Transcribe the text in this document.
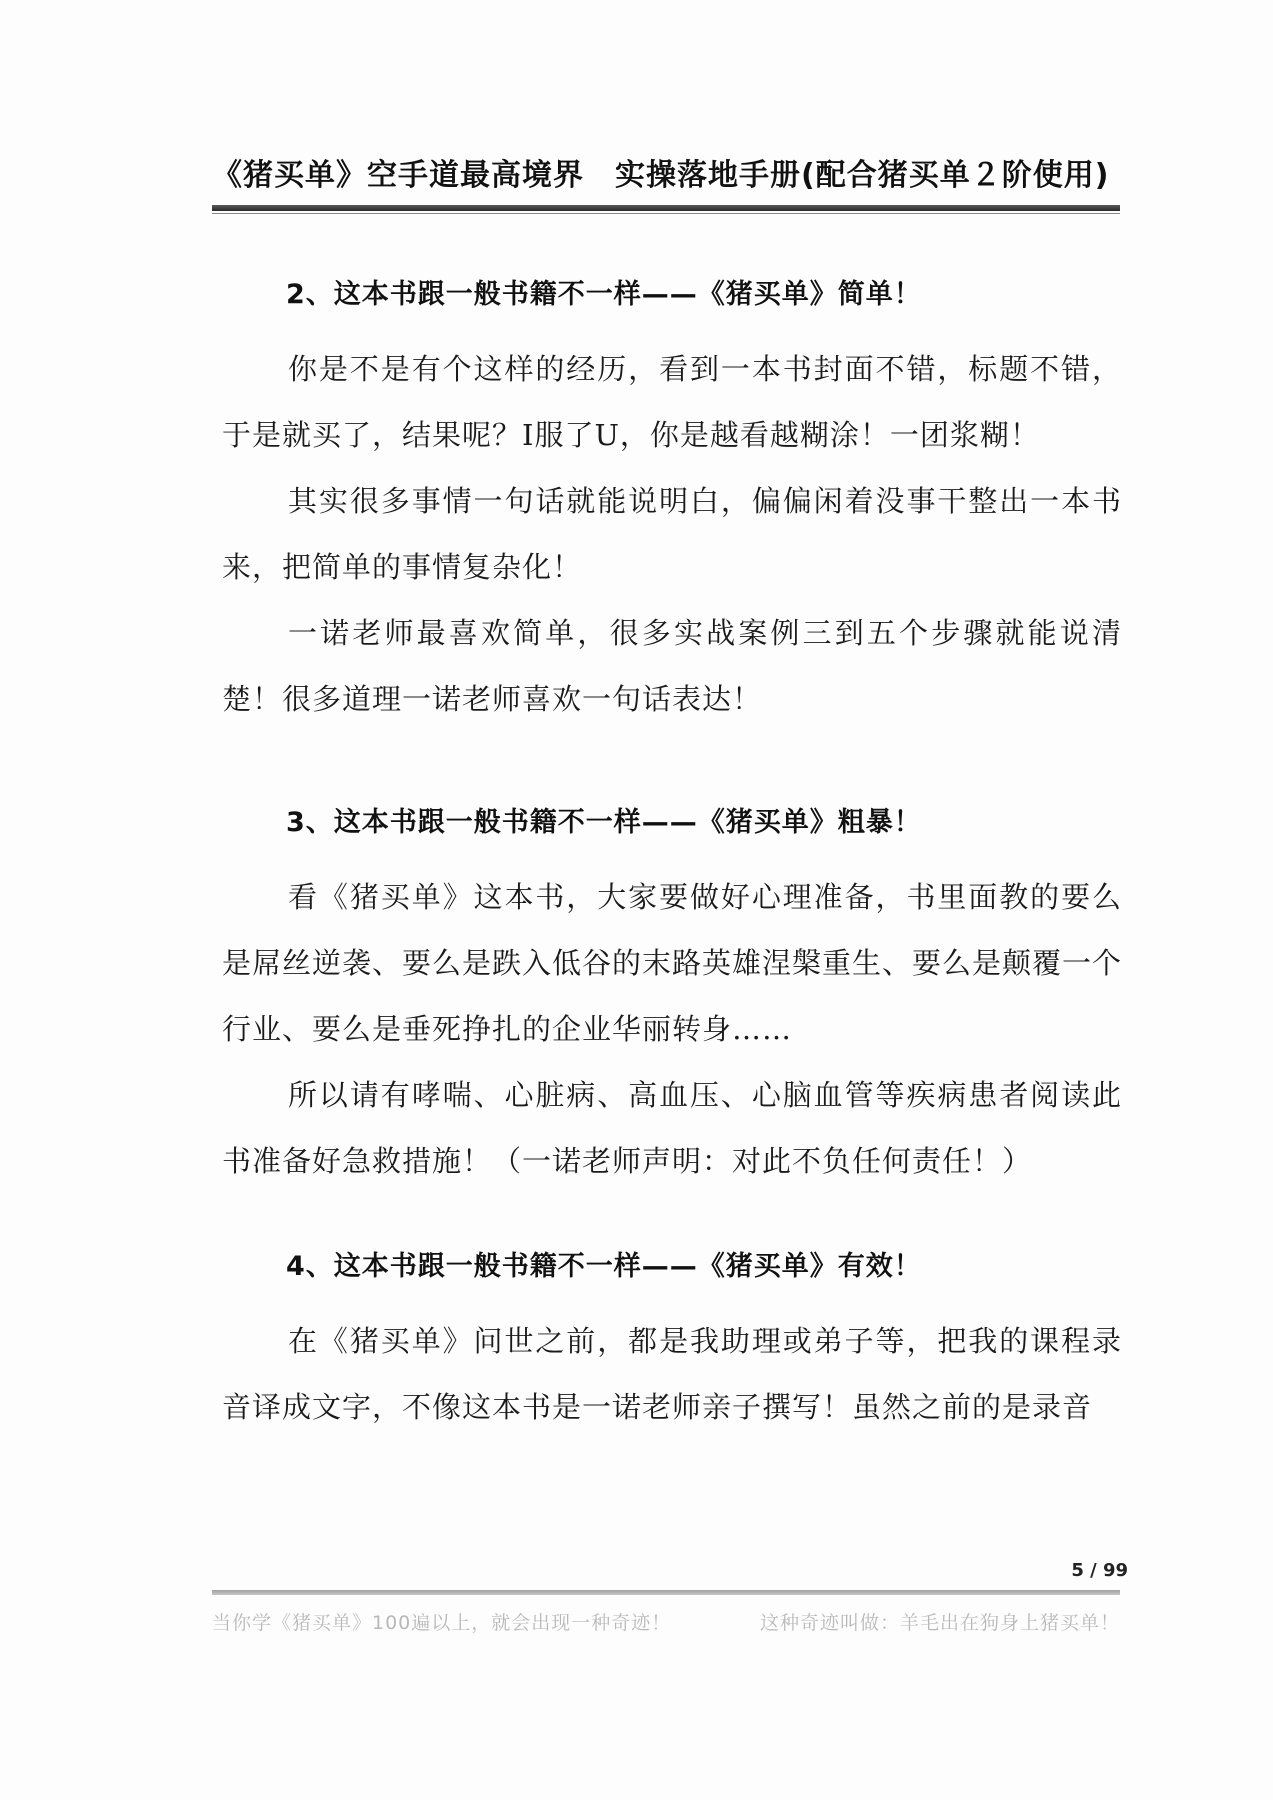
《猪买单》空手道最高境界　实操落地手册(配合猪买单２阶使用)

2、这本书跟一般书籍不一样——《猪买单》简单！

你是不是有个这样的经历，看到一本书封面不错，标题不错，于是就买了，结果呢？I服了U，你是越看越糊涂！一团浆糊！

其实很多事情一句话就能说明白，偏偏闲着没事干整出一本书来，把简单的事情复杂化！

一诺老师最喜欢简单，很多实战案例三到五个步骤就能说清楚！很多道理一诺老师喜欢一句话表达！

3、这本书跟一般书籍不一样——《猪买单》粗暴！

看《猪买单》这本书，大家要做好心理准备，书里面教的要么是屌丝逆袭、要么是跌入低谷的末路英雄涅槃重生、要么是颠覆一个行业、要么是垂死挣扎的企业华丽转身……

所以请有哮喘、心脏病、高血压、心脑血管等疾病患者阅读此书准备好急救措施！（一诺老师声明：对此不负任何责任！）

4、这本书跟一般书籍不一样——《猪买单》有效！

在《猪买单》问世之前，都是我助理或弟子等，把我的课程录音译成文字，不像这本书是一诺老师亲子撰写！虽然之前的是录音

5 / 99
当你学《猪买单》100遍以上，就会出现一种奇迹！	这种奇迹叫做：羊毛出在狗身上猪买单！
